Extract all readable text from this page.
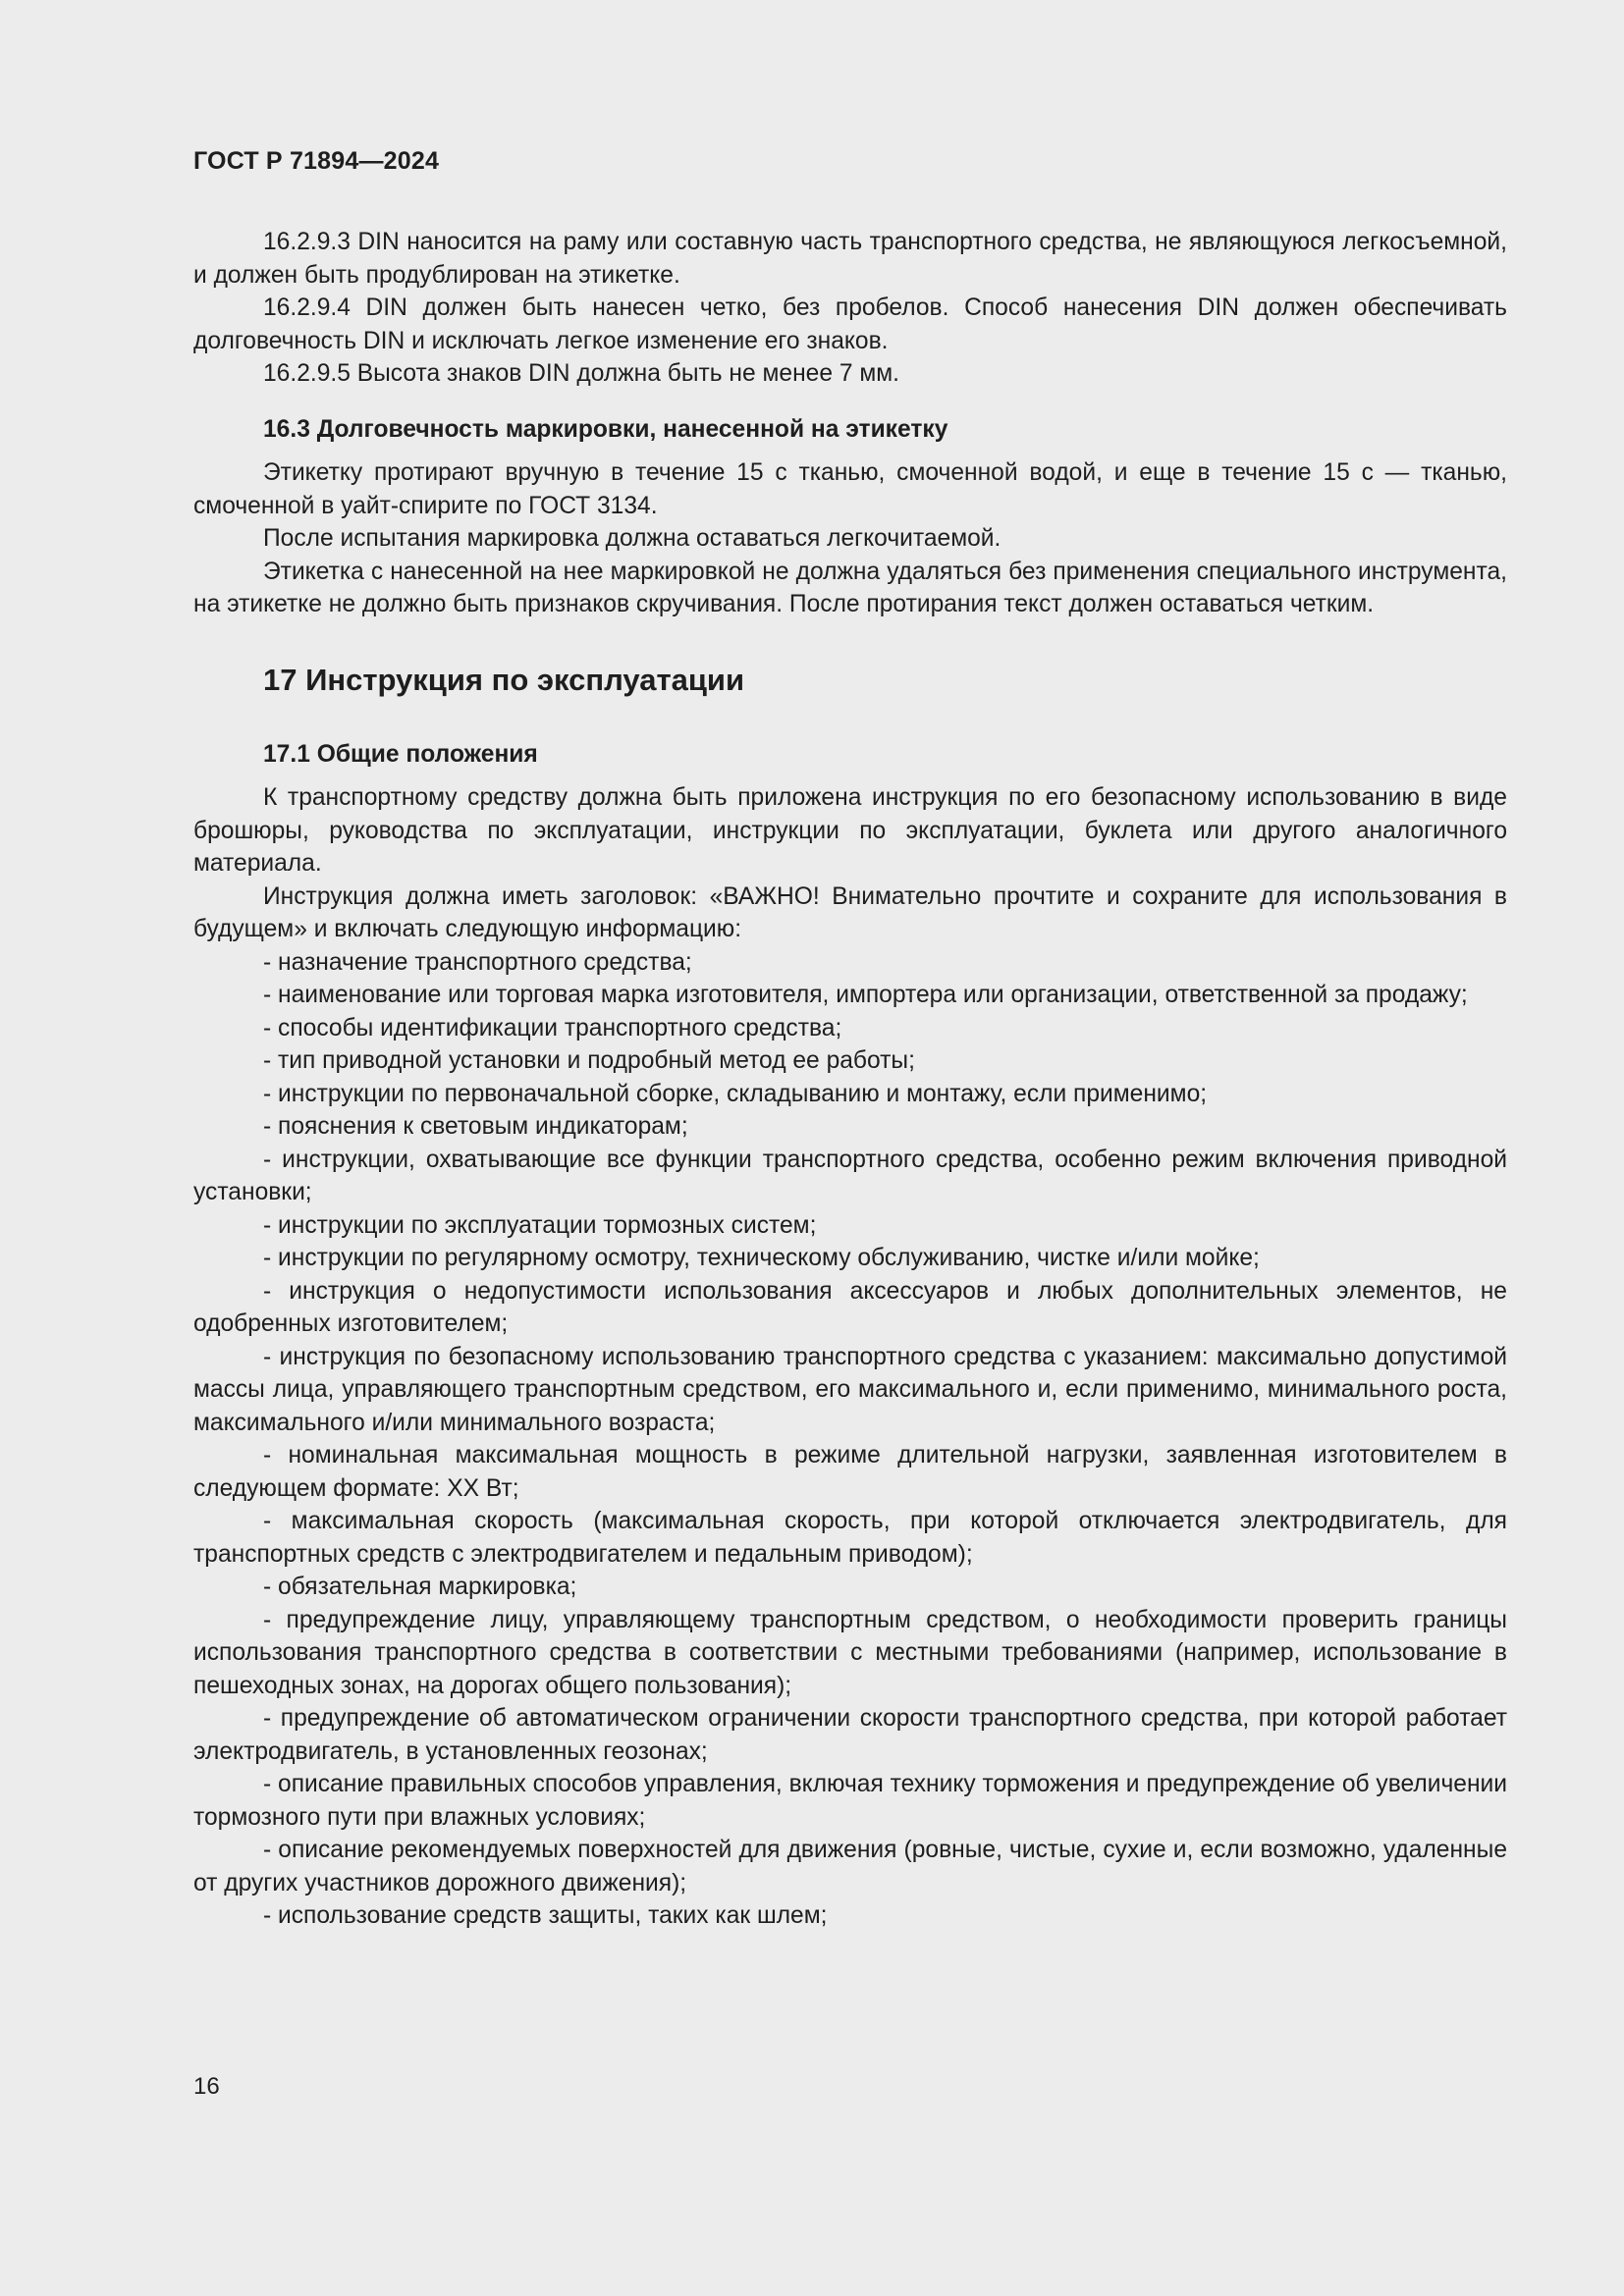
ГОСТ Р 71894—2024

16.2.9.3 DIN наносится на раму или составную часть транспортного средства, не являющуюся легкосъемной, и должен быть продублирован на этикетке.

16.2.9.4 DIN должен быть нанесен четко, без пробелов. Способ нанесения DIN должен обеспечивать долговечность DIN и исключать легкое изменение его знаков.

16.2.9.5 Высота знаков DIN должна быть не менее 7 мм.

16.3 Долговечность маркировки, нанесенной на этикетку

Этикетку протирают вручную в течение 15 с тканью, смоченной водой, и еще в течение 15 с — тканью, смоченной в уайт-спирите по ГОСТ 3134.

После испытания маркировка должна оставаться легкочитаемой.

Этикетка с нанесенной на нее маркировкой не должна удаляться без применения специального инструмента, на этикетке не должно быть признаков скручивания. После протирания текст должен оставаться четким.

17 Инструкция по эксплуатации
17.1 Общие положения

К транспортному средству должна быть приложена инструкция по его безопасному использованию в виде брошюры, руководства по эксплуатации, инструкции по эксплуатации, буклета или другого аналогичного материала.

Инструкция должна иметь заголовок: «ВАЖНО! Внимательно прочтите и сохраните для использования в будущем» и включать следующую информацию:

- назначение транспортного средства;

- наименование или торговая марка изготовителя, импортера или организации, ответственной за продажу;

- способы идентификации транспортного средства;

- тип приводной установки и подробный метод ее работы;

- инструкции по первоначальной сборке, складыванию и монтажу, если применимо;

- пояснения к световым индикаторам;

- инструкции, охватывающие все функции транспортного средства, особенно режим включения приводной установки;

- инструкции по эксплуатации тормозных систем;

- инструкции по регулярному осмотру, техническому обслуживанию, чистке и/или мойке;

- инструкция о недопустимости использования аксессуаров и любых дополнительных элементов, не одобренных изготовителем;

- инструкция по безопасному использованию транспортного средства с указанием: максимально допустимой массы лица, управляющего транспортным средством, его максимального и, если применимо, минимального роста, максимального и/или минимального возраста;

- номинальная максимальная мощность в режиме длительной нагрузки, заявленная изготовителем в следующем формате: ХХ Вт;

- максимальная скорость (максимальная скорость, при которой отключается электродвигатель, для транспортных средств с электродвигателем и педальным приводом);

- обязательная маркировка;

- предупреждение лицу, управляющему транспортным средством, о необходимости проверить границы использования транспортного средства в соответствии с местными требованиями (например, использование в пешеходных зонах, на дорогах общего пользования);

- предупреждение об автоматическом ограничении скорости транспортного средства, при которой работает электродвигатель, в установленных геозонах;

- описание правильных способов управления, включая технику торможения и предупреждение об увеличении тормозного пути при влажных условиях;

- описание рекомендуемых поверхностей для движения (ровные, чистые, сухие и, если возможно, удаленные от других участников дорожного движения);

- использование средств защиты, таких как шлем;

16
